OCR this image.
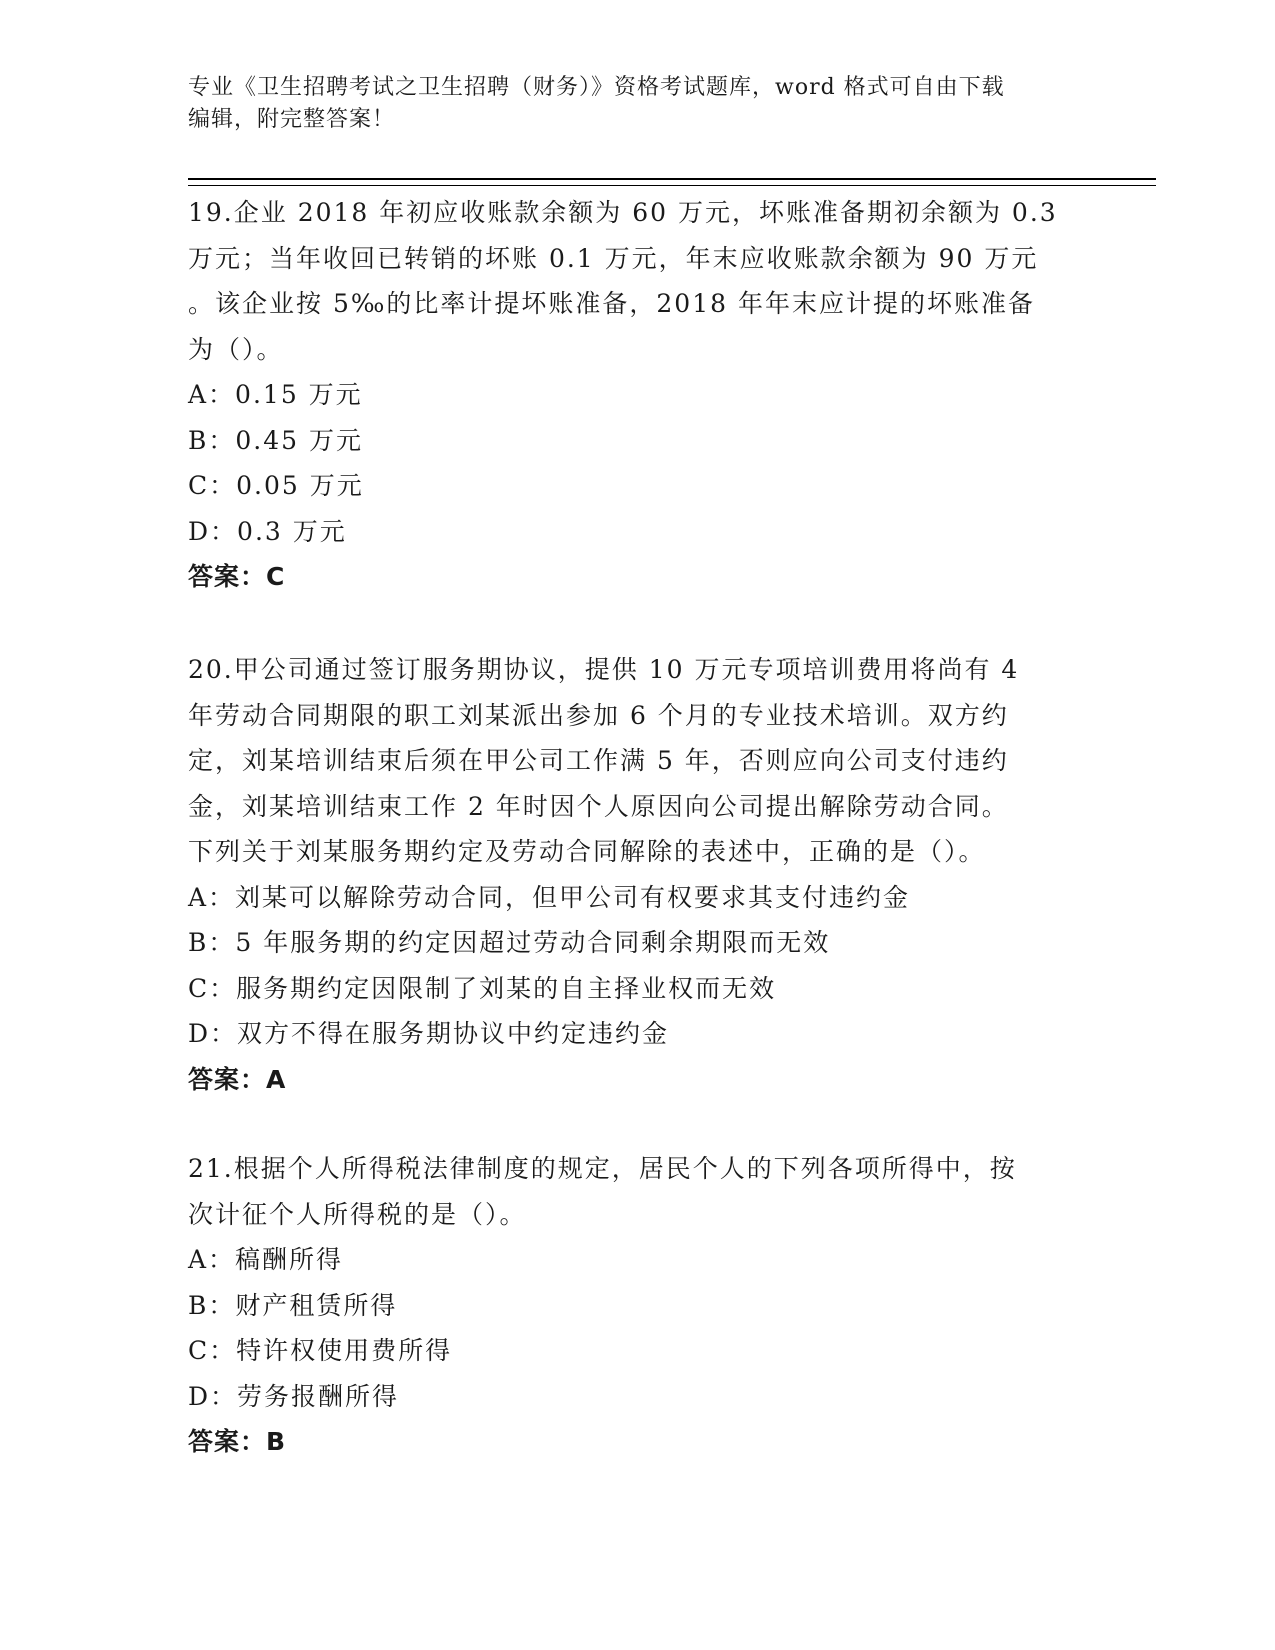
专业《卫生招聘考试之卫生招聘（财务）》资格考试题库，word 格式可自由下载
编辑，附完整答案！

19.企业 2018 年初应收账款余额为 60 万元，坏账准备期初余额为 0.3

万元；当年收回已转销的坏账 0.1 万元，年末应收账款余额为 90 万元

。该企业按 5‰的比率计提坏账准备，2018 年年末应计提的坏账准备

为（）。

A：0.15 万元

B：0.45 万元

C：0.05 万元

D：0.3 万元

答案：C

20.甲公司通过签订服务期协议，提供 10 万元专项培训费用将尚有 4

年劳动合同期限的职工刘某派出参加 6 个月的专业技术培训。双方约

定，刘某培训结束后须在甲公司工作满 5 年，否则应向公司支付违约

金，刘某培训结束工作 2 年时因个人原因向公司提出解除劳动合同。

下列关于刘某服务期约定及劳动合同解除的表述中，正确的是（）。

A：刘某可以解除劳动合同，但甲公司有权要求其支付违约金

B：5 年服务期的约定因超过劳动合同剩余期限而无效

C：服务期约定因限制了刘某的自主择业权而无效

D：双方不得在服务期协议中约定违约金

答案：A

21.根据个人所得税法律制度的规定，居民个人的下列各项所得中，按

次计征个人所得税的是（）。

A：稿酬所得

B：财产租赁所得

C：特许权使用费所得

D：劳务报酬所得

答案：B
